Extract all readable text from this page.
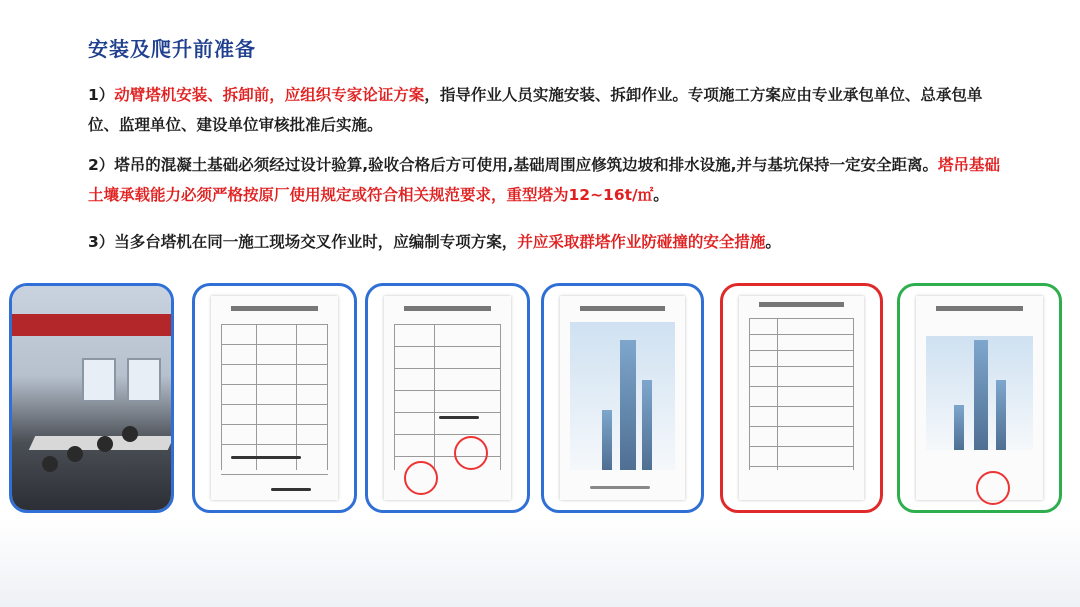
安装及爬升前准备
1）动臂塔机安装、拆卸前，应组织专家论证方案，指导作业人员实施安装、拆卸作业。专项施工方案应由专业承包单位、总承包单位、监理单位、建设单位审核批准后实施。
2）塔吊的混凝土基础必须经过设计验算,验收合格后方可使用,基础周围应修筑边坡和排水设施,并与基坑保持一定安全距离。塔吊基础土壤承载能力必须严格按原厂使用规定或符合相关规范要求，重型塔为12~16t/㎡。
3）当多台塔机在同一施工现场交叉作业时，应编制专项方案，并应采取群塔作业防碰撞的安全措施。
